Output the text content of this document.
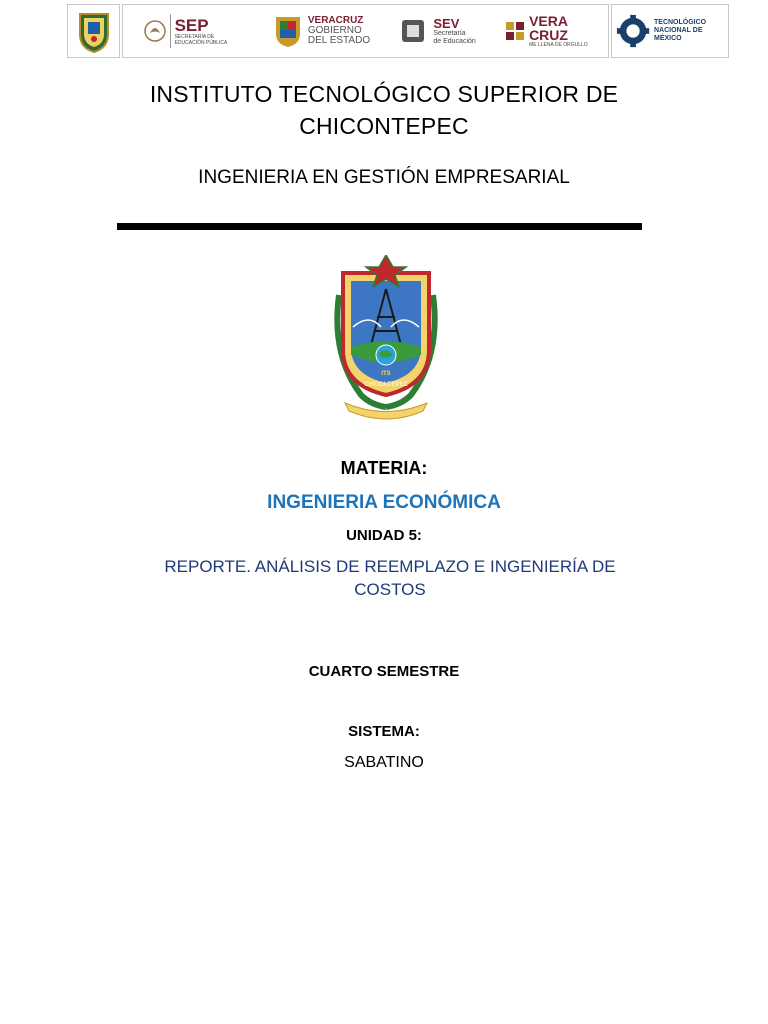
SEP
SECRETARÍA DE EDUCACIÓN PÚBLICA
VERACRUZ
GOBIERNO
DEL ESTADO
SEV
Secretaría
de Educación
VERA
CRUZ
ME LLENA DE ORGULLO
TECNOLÓGICO
NACIONAL DE MÉXICO
INSTITUTO TECNOLÓGICO SUPERIOR DE
CHICONTEPEC
INGENIERIA EN GESTIÓN EMPRESARIAL
ITS
CHICONTEPEC
MATERIA:
INGENIERIA ECONÓMICA
UNIDAD 5:
REPORTE. ANÁLISIS DE REEMPLAZO E INGENIERÍA DE COSTOS
CUARTO SEMESTRE
SISTEMA:
SABATINO
